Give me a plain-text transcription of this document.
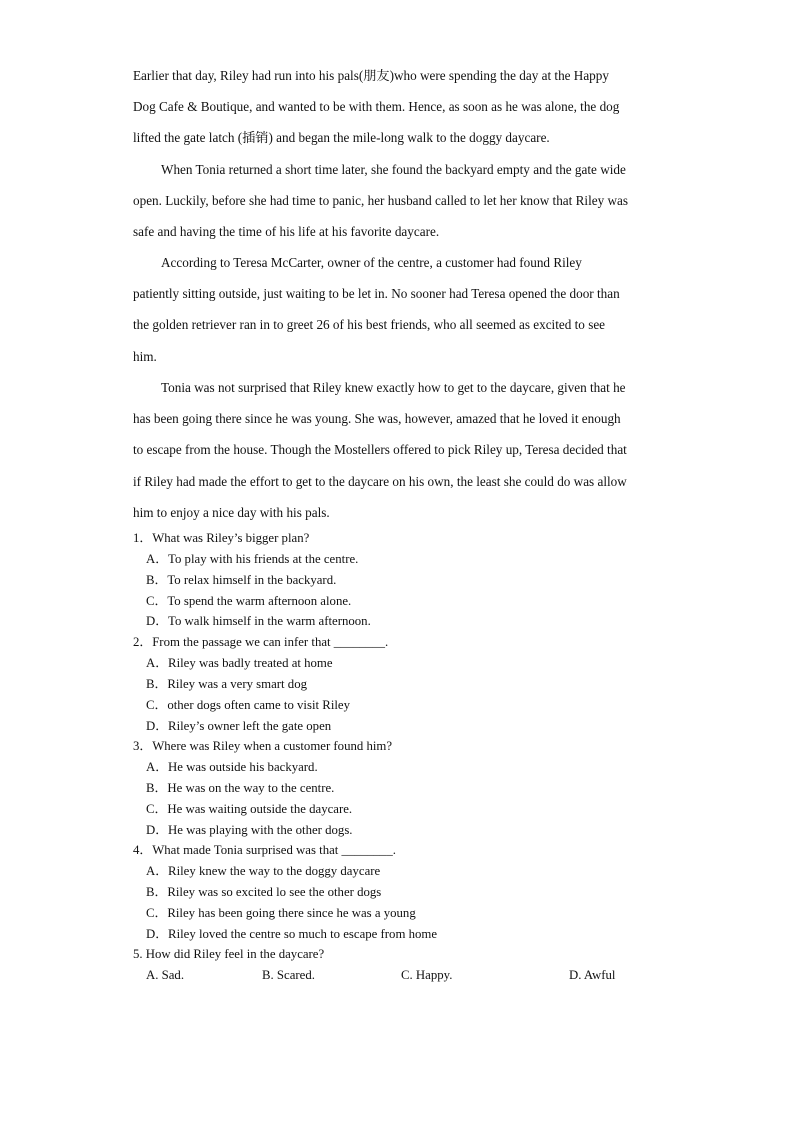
Earlier that day, Riley had run into his pals(朋友)who were spending the day at the Happy
Dog Cafe & Boutique, and wanted to be with them. Hence, as soon as he was alone, the dog
lifted the gate latch (插销) and began the mile-long walk to the doggy daycare.
When Tonia returned a short time later, she found the backyard empty and the gate wide
open. Luckily, before she had time to panic, her husband called to let her know that Riley was
safe and having the time of his life at his favorite daycare.
According to Teresa McCarter, owner of the centre, a customer had found Riley
patiently sitting outside, just waiting to be let in. No sooner had Teresa opened the door than
the golden retriever ran in to greet 26 of his best friends, who all seemed as excited to see
him.
Tonia was not surprised that Riley knew exactly how to get to the daycare, given that he
has been going there since he was young. She was, however, amazed that he loved it enough
to escape from the house. Though the Mostellers offered to pick Riley up, Teresa decided that
if Riley had made the effort to get to the daycare on his own, the least she could do was allow
him to enjoy a nice day with his pals.
1．What was Riley’s bigger plan?
A．To play with his friends at the centre.
B．To relax himself in the backyard.
C．To spend the warm afternoon alone.
D．To walk himself in the warm afternoon.
2．From the passage we can infer that ________.
A．Riley was badly treated at home
B．Riley was a very smart dog
C．other dogs often came to visit Riley
D．Riley’s owner left the gate open
3．Where was Riley when a customer found him?
A．He was outside his backyard.
B．He was on the way to the centre.
C．He was waiting outside the daycare.
D．He was playing with the other dogs.
4．What made Tonia surprised was that ________.
A．Riley knew the way to the doggy daycare
B．Riley was so excited lo see the other dogs
C．Riley has been going there since he was a young
D．Riley loved the centre so much to escape from home
5. How did Riley feel in the daycare?
A. Sad.	B. Scared.	C. Happy.	D. Awful
